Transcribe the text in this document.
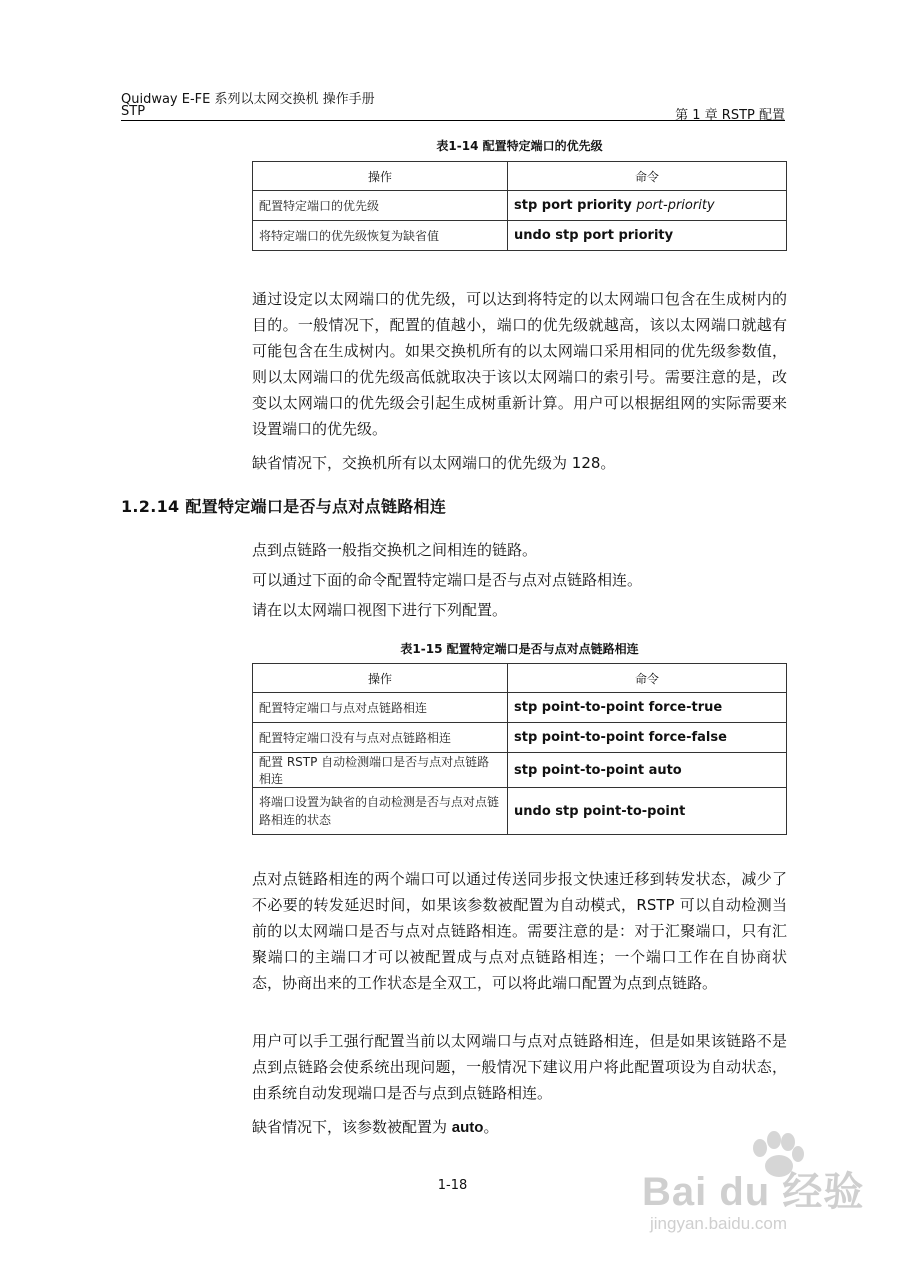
Quidway E-FE 系列以太网交换机 操作手册
STP	第 1 章 RSTP 配置
表1-14 配置特定端口的优先级
操作	命令
配置特定端口的优先级	stp port priority port-priority
将特定端口的优先级恢复为缺省值	undo stp port priority

通过设定以太网端口的优先级，可以达到将特定的以太网端口包含在生成树内的目的。一般情况下，配置的值越小，端口的优先级就越高，该以太网端口就越有可能包含在生成树内。如果交换机所有的以太网端口采用相同的优先级参数值，则以太网端口的优先级高低就取决于该以太网端口的索引号。需要注意的是，改变以太网端口的优先级会引起生成树重新计算。用户可以根据组网的实际需要来设置端口的优先级。

缺省情况下，交换机所有以太网端口的优先级为 128。

1.2.14 配置特定端口是否与点对点链路相连

点到点链路一般指交换机之间相连的链路。

可以通过下面的命令配置特定端口是否与点对点链路相连。

请在以太网端口视图下进行下列配置。

表1-15 配置特定端口是否与点对点链路相连
操作	命令
配置特定端口与点对点链路相连	stp point-to-point force-true
配置特定端口没有与点对点链路相连	stp point-to-point force-false
配置 RSTP 自动检测端口是否与点对点链路相连	stp point-to-point auto
将端口设置为缺省的自动检测是否与点对点链路相连的状态	undo stp point-to-point

点对点链路相连的两个端口可以通过传送同步报文快速迁移到转发状态，减少了不必要的转发延迟时间，如果该参数被配置为自动模式，RSTP 可以自动检测当前的以太网端口是否与点对点链路相连。需要注意的是：对于汇聚端口，只有汇聚端口的主端口才可以被配置成与点对点链路相连；一个端口工作在自协商状态，协商出来的工作状态是全双工，可以将此端口配置为点到点链路。

用户可以手工强行配置当前以太网端口与点对点链路相连，但是如果该链路不是点到点链路会使系统出现问题，一般情况下建议用户将此配置项设为自动状态，由系统自动发现端口是否与点到点链路相连。

缺省情况下，该参数被配置为 auto。

1-18	Bai du 经验
jingyan.baidu.com
